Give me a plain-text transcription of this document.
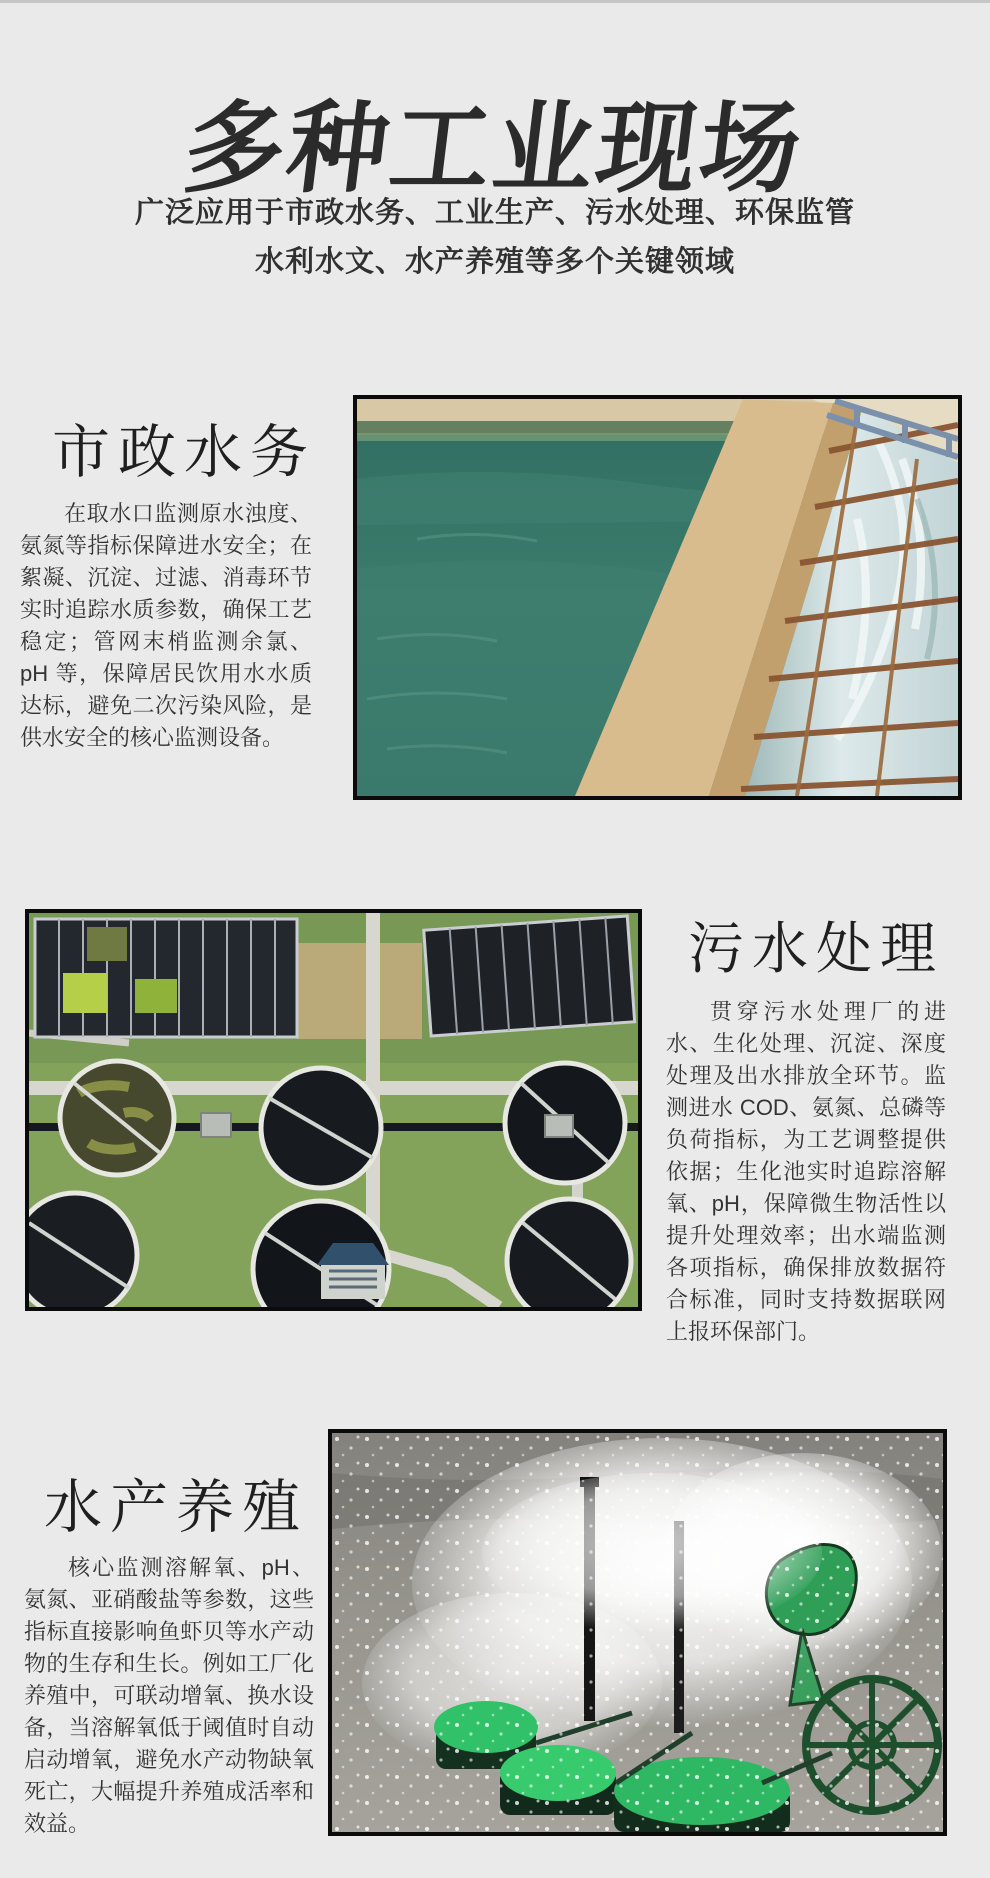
多种工业现场
广泛应用于市政水务、工业生产、污水处理、环保监管
水利水文、水产养殖等多个关键领域
市政水务
在取水口监测原水浊度、氨氮等指标保障进水安全；在絮凝、沉淀、过滤、消毒环节实时追踪水质参数，确保工艺稳定；管网末梢监测余氯、pH 等，保障居民饮用水水质达标，避免二次污染风险，是供水安全的核心监测设备。
污水处理
贯穿污水处理厂的进水、生化处理、沉淀、深度处理及出水排放全环节。监测进水 COD、氨氮、总磷等负荷指标，为工艺调整提供依据；生化池实时追踪溶解氧、pH，保障微生物活性以提升处理效率；出水端监测各项指标，确保排放数据符合标准，同时支持数据联网上报环保部门。
水产养殖
核心监测溶解氧、pH、氨氮、亚硝酸盐等参数，这些指标直接影响鱼虾贝等水产动物的生存和生长。例如工厂化养殖中，可联动增氧、换水设备，当溶解氧低于阈值时自动启动增氧，避免水产动物缺氧死亡，大幅提升养殖成活率和效益。
